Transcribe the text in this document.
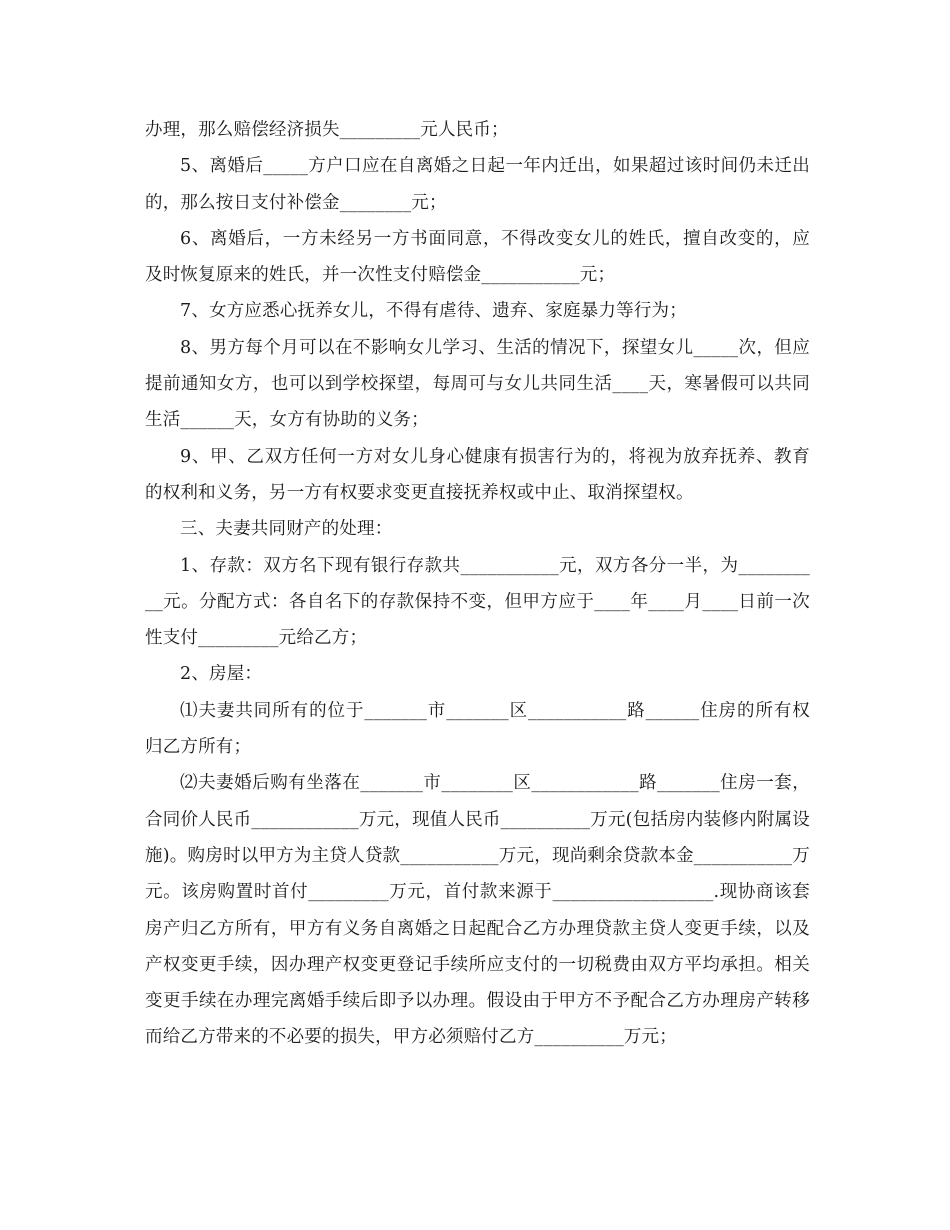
办理，那么赔偿经济损失_________元人民币；

5、离婚后_____方户口应在自离婚之日起一年内迁出，如果超过该时间仍未迁出的，那么按日支付补偿金________元；

6、离婚后，一方未经另一方书面同意，不得改变女儿的姓氏，擅自改变的，应及时恢复原来的姓氏，并一次性支付赔偿金___________元；

7、女方应悉心抚养女儿，不得有虐待、遗弃、家庭暴力等行为；

8、男方每个月可以在不影响女儿学习、生活的情况下，探望女儿_____次，但应提前通知女方，也可以到学校探望，每周可与女儿共同生活____天，寒暑假可以共同生活______天，女方有协助的义务；

9、甲、乙双方任何一方对女儿身心健康有损害行为的，将视为放弃抚养、教育的权利和义务，另一方有权要求变更直接抚养权或中止、取消探望权。

三、夫妻共同财产的处理：

1、存款：双方名下现有银行存款共___________元，双方各分一半，为__________元。分配方式：各自名下的存款保持不变，但甲方应于____年____月____日前一次性支付_________元给乙方；

2、房屋：

⑴夫妻共同所有的位于_______市_______区___________路______住房的所有权归乙方所有；

⑵夫妻婚后购有坐落在_______市________区____________路_______住房一套，合同价人民币____________万元，现值人民币__________万元(包括房内装修内附属设施)。购房时以甲方为主贷人贷款___________万元，现尚剩余贷款本金___________万元。该房购置时首付_________万元，首付款来源于__________________.现协商该套房产归乙方所有，甲方有义务自离婚之日起配合乙方办理贷款主贷人变更手续，以及产权变更手续，因办理产权变更登记手续所应支付的一切税费由双方平均承担。相关变更手续在办理完离婚手续后即予以办理。假设由于甲方不予配合乙方办理房产转移而给乙方带来的不必要的损失，甲方必须赔付乙方__________万元；
